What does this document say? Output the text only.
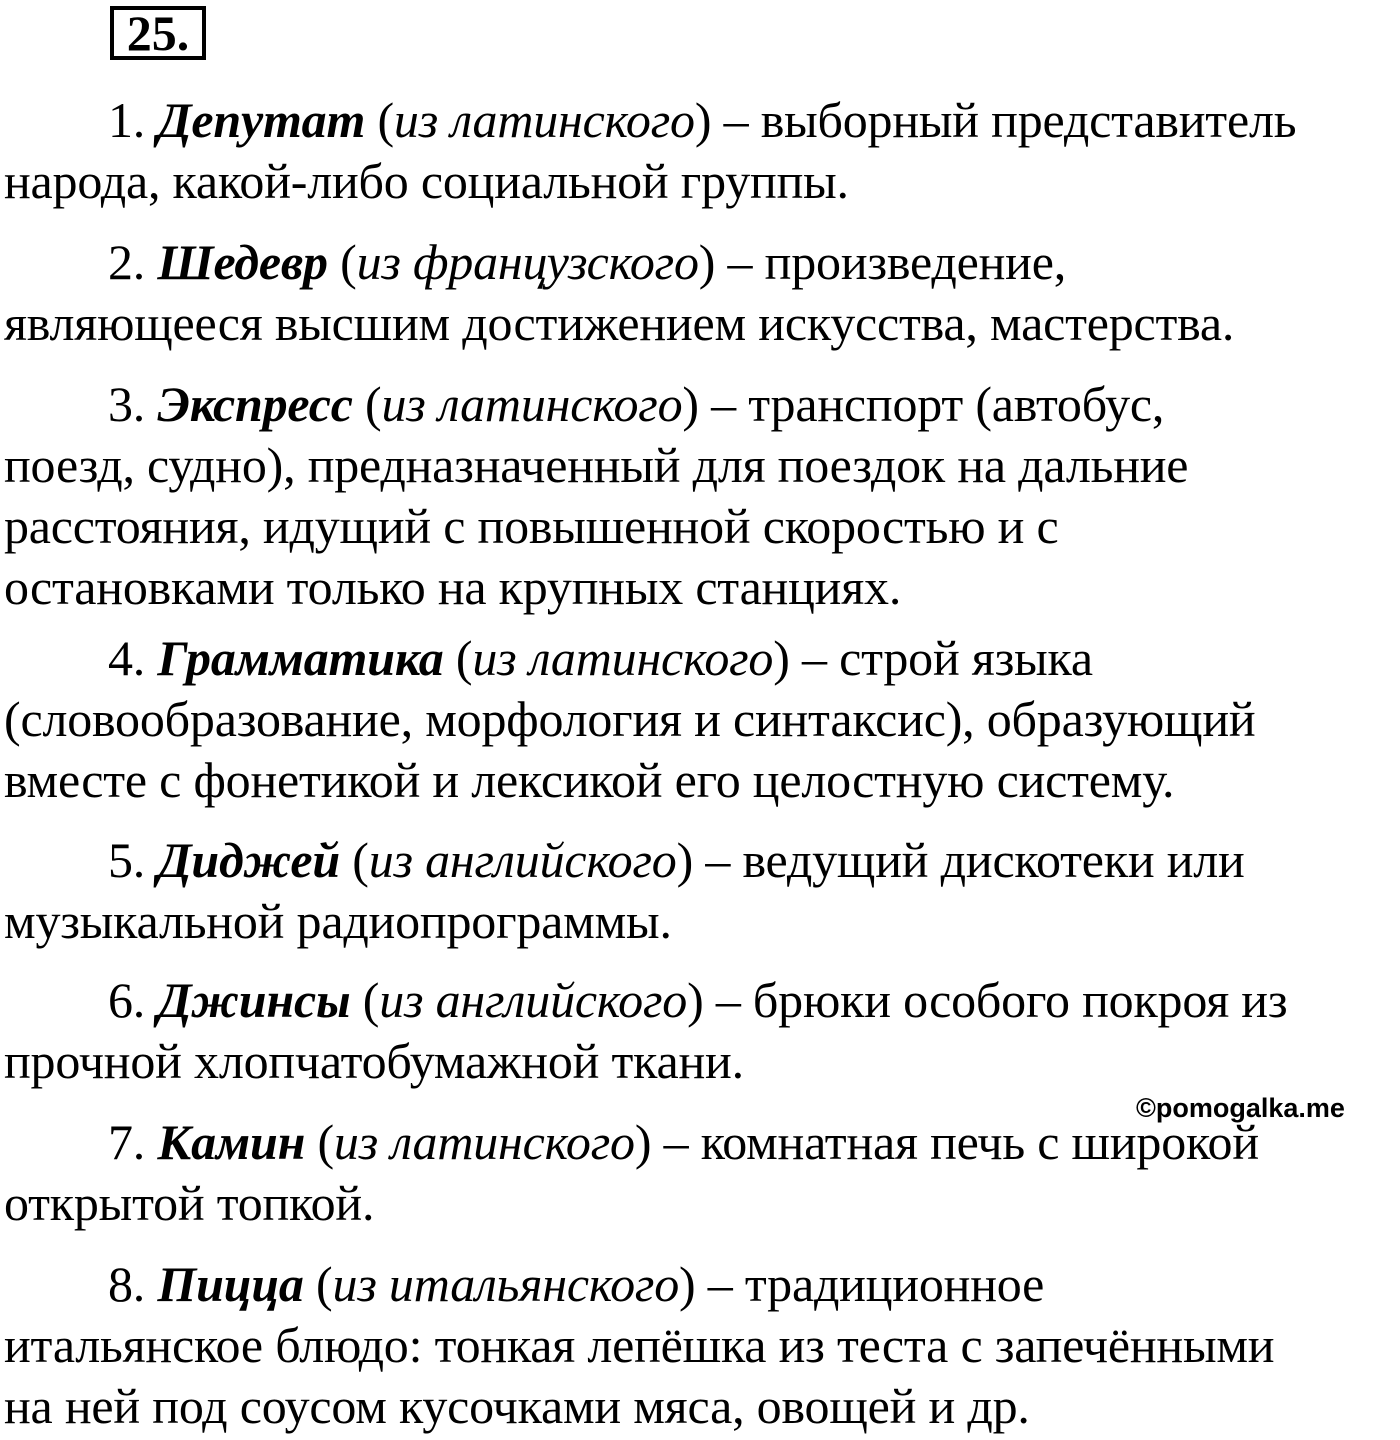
25.
1. Депутат (из латинского) – выборный представитель
народа, какой-либо социальной группы.
2. Шедевр (из французского) – произведение,
являющееся высшим достижением искусства, мастерства.
3. Экспресс (из латинского) – транспорт (автобус,
поезд, судно), предназначенный для поездок на дальние
расстояния, идущий с повышенной скоростью и с
остановками только на крупных станциях.
4. Грамматика (из латинского) – строй языка
(словообразование, морфология и синтаксис), образующий
вместе с фонетикой и лексикой его целостную систему.
5. Диджей (из английского) – ведущий дискотеки или
музыкальной радиопрограммы.
6. Джинсы (из английского) – брюки особого покроя из
прочной хлопчатобумажной ткани.
©pomogalka.me
7. Камин (из латинского) – комнатная печь с широкой
открытой топкой.
8. Пицца (из итальянского) – традиционное
итальянское блюдо: тонкая лепёшка из теста с запечёнными
на ней под соусом кусочками мяса, овощей и др.
